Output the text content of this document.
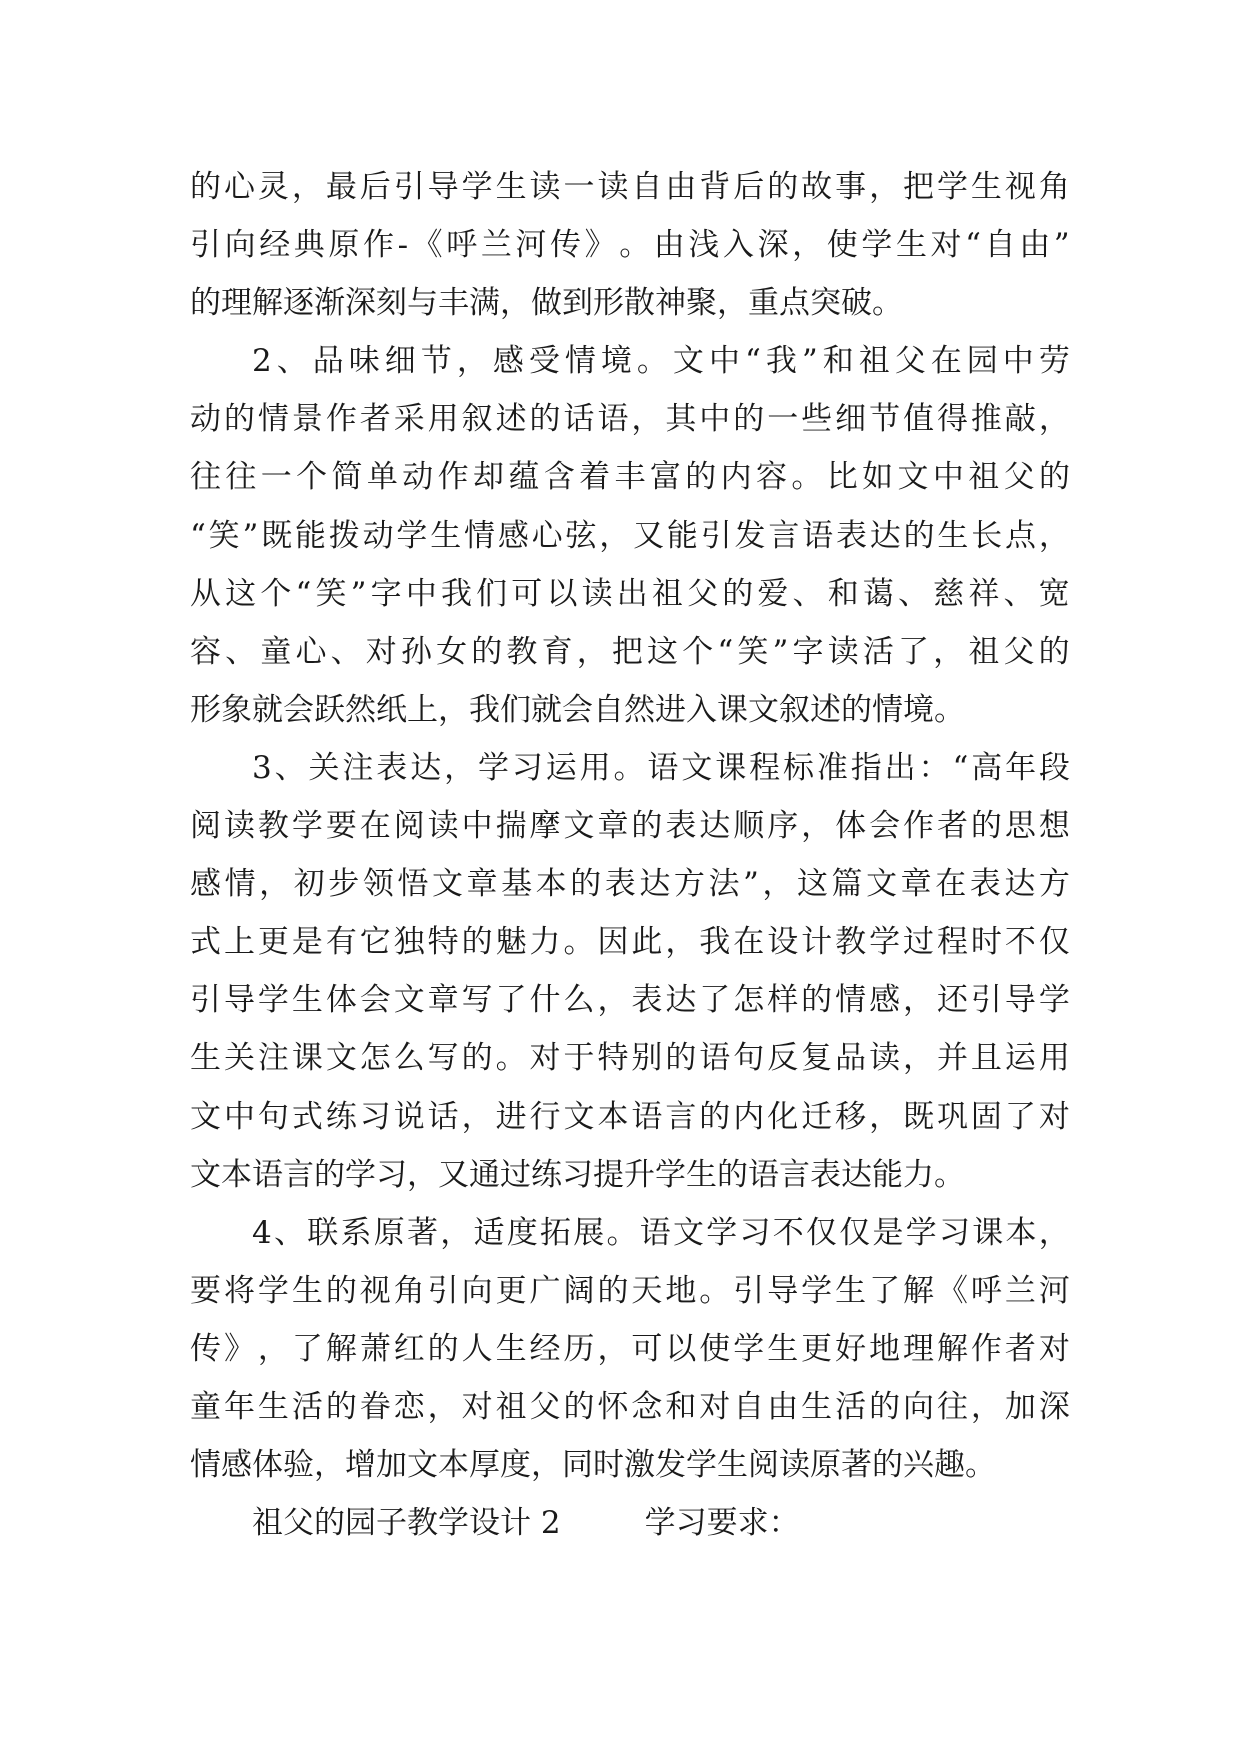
的 心 灵 ， 最 后 引 导 学 生 读 一 读 自 由 背 后 的 故 事 ， 把 学 生 视 角
引 向 经 典 原 作 - 《 呼 兰 河 传 》 。 由 浅 入 深 ， 使 学 生 对 “ 自 由 ”
的理解逐渐深刻与丰满，做到形散神聚，重点突破。
2 、 品 味 细 节 ， 感 受 情 境 。 文 中 “ 我 ” 和 祖 父 在 园 中 劳
动 的 情 景 作 者 采 用 叙 述 的 话 语 ， 其 中 的 一 些 细 节 值 得 推 敲 ，
往 往 一 个 简 单 动 作 却 蕴 含 着 丰 富 的 内 容 。 比 如 文 中 祖 父 的
“ 笑 ” 既 能 拨 动 学 生 情 感 心 弦 ， 又 能 引 发 言 语 表 达 的 生 长 点 ，
从 这 个 “ 笑 ” 字 中 我 们 可 以 读 出 祖 父 的 爱 、 和 蔼 、 慈 祥 、 宽
容 、 童 心 、 对 孙 女 的 教 育 ， 把 这 个 “ 笑 ” 字 读 活 了 ， 祖 父 的
形象就会跃然纸上，我们就会自然进入课文叙述的情境。
3 、 关 注 表 达 ， 学 习 运 用 。 语 文 课 程 标 准 指 出 ： “ 高 年 段
阅 读 教 学 要 在 阅 读 中 揣 摩 文 章 的 表 达 顺 序 ， 体 会 作 者 的 思 想
感 情 ， 初 步 领 悟 文 章 基 本 的 表 达 方 法 ” ， 这 篇 文 章 在 表 达 方
式 上 更 是 有 它 独 特 的 魅 力 。 因 此 ， 我 在 设 计 教 学 过 程 时 不 仅
引 导 学 生 体 会 文 章 写 了 什 么 ， 表 达 了 怎 样 的 情 感 ， 还 引 导 学
生 关 注 课 文 怎 么 写 的 。 对 于 特 别 的 语 句 反 复 品 读 ， 并 且 运 用
文 中 句 式 练 习 说 话 ， 进 行 文 本 语 言 的 内 化 迁 移 ， 既 巩 固 了 对
文本语言的学习，又通过练习提升学生的语言表达能力。
4 、 联 系 原 著 ， 适 度 拓 展 。 语 文 学 习 不 仅 仅 是 学 习 课 本 ，
要 将 学 生 的 视 角 引 向 更 广 阔 的 天 地 。 引 导 学 生 了 解 《 呼 兰 河
传 》 ， 了 解 萧 红 的 人 生 经 历 ， 可 以 使 学 生 更 好 地 理 解 作 者 对
童 年 生 活 的 眷 恋 ， 对 祖 父 的 怀 念 和 对 自 由 生 活 的 向 往 ， 加 深
情感体验，增加文本厚度，同时激发学生阅读原著的兴趣。
祖父的园子教学设计 2	学习要求：
